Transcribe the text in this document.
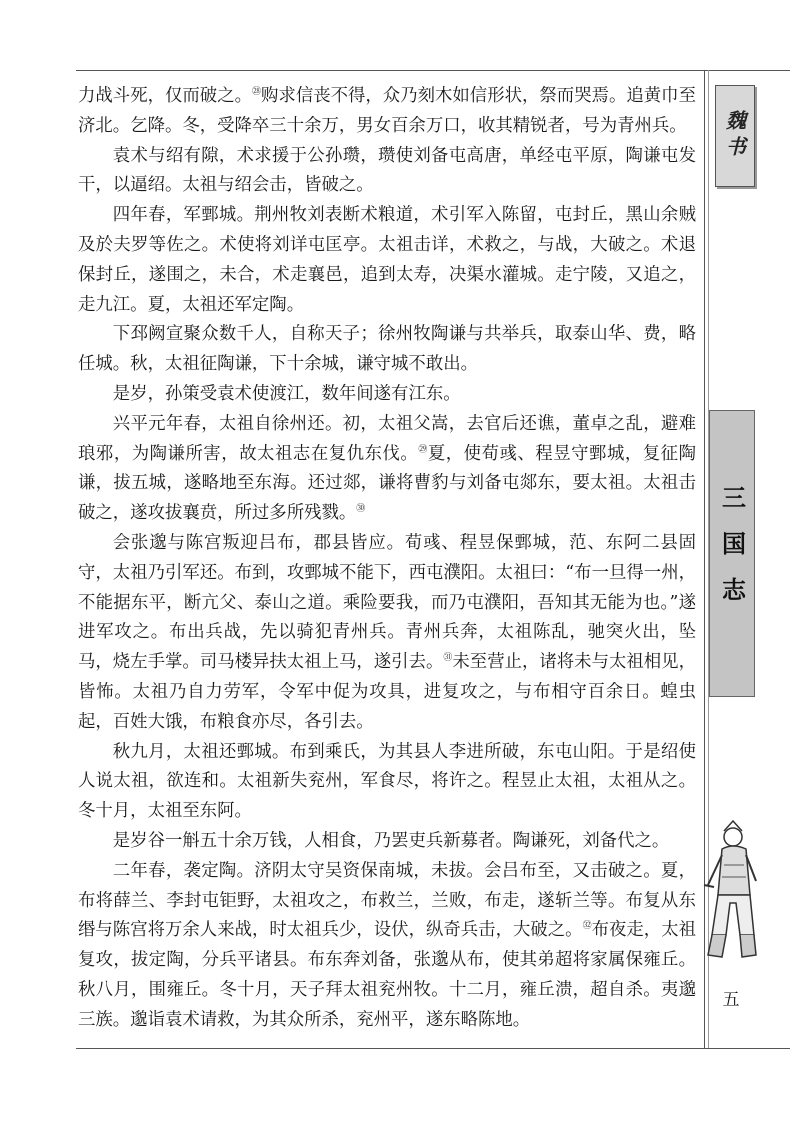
力战斗死，仅而破之。$^㉘$购求信丧不得，众乃刻木如信形状，祭而哭焉。追黄巾至济北。乞降。冬，受降卒三十余万，男女百余万口，收其精锐者，号为青州兵。

袁术与绍有隙，术求援于公孙瓒，瓒使刘备屯高唐，单经屯平原，陶谦屯发干，以逼绍。太祖与绍会击，皆破之。

四年春，军鄄城。荆州牧刘表断术粮道，术引军入陈留，屯封丘，黑山余贼及於夫罗等佐之。术使将刘详屯匡亭。太祖击详，术救之，与战，大破之。术退保封丘，遂围之，未合，术走襄邑，追到太寿，决渠水灌城。走宁陵，又追之，走九江。夏，太祖还军定陶。

下邳阙宣聚众数千人，自称天子；徐州牧陶谦与共举兵，取泰山华、费，略任城。秋，太祖征陶谦，下十余城，谦守城不敢出。

是岁，孙策受袁术使渡江，数年间遂有江东。

兴平元年春，太祖自徐州还。初，太祖父嵩，去官后还谯，董卓之乱，避难琅邪，为陶谦所害，故太祖志在复仇东伐。$^㉙$夏，使荀彧、程昱守鄄城，复征陶谦，拔五城，遂略地至东海。还过郯，谦将曹豹与刘备屯郯东，要太祖。太祖击破之，遂攻拔襄贲，所过多所残戮。$^㉚$

会张邈与陈宫叛迎吕布，郡县皆应。荀彧、程昱保鄄城，范、东阿二县固守，太祖乃引军还。布到，攻鄄城不能下，西屯濮阳。太祖曰：“布一旦得一州，不能据东平，断亢父、泰山之道。乘险要我，而乃屯濮阳，吾知其无能为也。”遂进军攻之。布出兵战，先以骑犯青州兵。青州兵奔，太祖陈乱，驰突火出，坠马，烧左手掌。司马楼异扶太祖上马，遂引去。$^㉛$未至营止，诸将未与太祖相见，皆怖。太祖乃自力劳军，令军中促为攻具，进复攻之，与布相守百余日。蝗虫起，百姓大饿，布粮食亦尽，各引去。

秋九月，太祖还鄄城。布到乘氏，为其县人李进所破，东屯山阳。于是绍使人说太祖，欲连和。太祖新失兖州，军食尽，将许之。程昱止太祖，太祖从之。冬十月，太祖至东阿。

是岁谷一斛五十余万钱，人相食，乃罢吏兵新募者。陶谦死，刘备代之。

二年春，袭定陶。济阴太守吴资保南城，未拔。会吕布至，又击破之。夏，布将薛兰、李封屯钜野，太祖攻之，布救兰，兰败，布走，遂斩兰等。布复从东缗与陈宫将万余人来战，时太祖兵少，设伏，纵奇兵击，大破之。$^㉜$布夜走，太祖复攻，拔定陶，分兵平诸县。布东奔刘备，张邈从布，使其弟超将家属保雍丘。秋八月，围雍丘。冬十月，天子拜太祖兖州牧。十二月，雍丘溃，超自杀。夷邈三族。邈诣袁术请救，为其众所杀，兖州平，遂东略陈地。

魏书
三国志
五
